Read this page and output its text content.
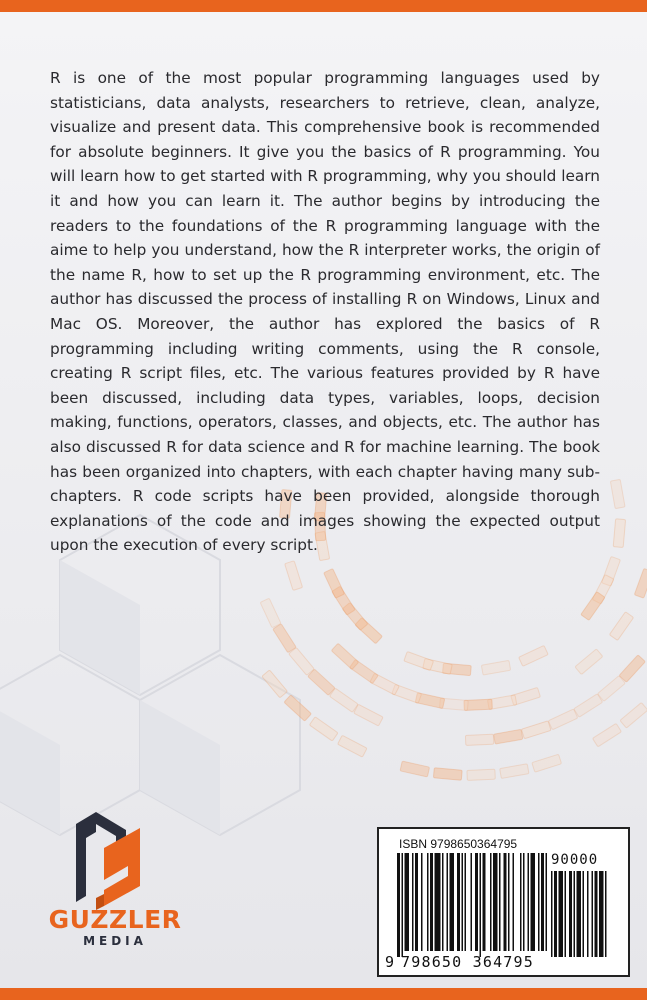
R is one of the most popular programming languages used by statisticians, data analysts, researchers to retrieve, clean, analyze, visualize and present data. This comprehensive book is recommended for absolute beginners. It give you the basics of R programming. You will learn how to get started with R programming, why you should learn it and how you can learn it. The author begins by introducing the readers to the foundations of the R programming language with the aime to help you understand, how the R interpreter works, the origin of the name R, how to set up the R programming environment, etc. The author has discussed the process of installing R on Windows, Linux and Mac OS. Moreover, the author has explored the basics of R programming including writing comments, using the R console, creating R script files, etc. The various features provided by R have been discussed, including data types, variables, loops, decision making, functions, operators, classes, and objects, etc. The author has also discussed R for data science and R for machine learning. The book has been organized into chapters, with each chapter having many sub-chapters. R code scripts have been provided, alongside thorough explanations of the code and images showing the expected output upon the execution of every script.

GUZZLER
MEDIA
ISBN 9798650364795
90000
9 798650 364795
